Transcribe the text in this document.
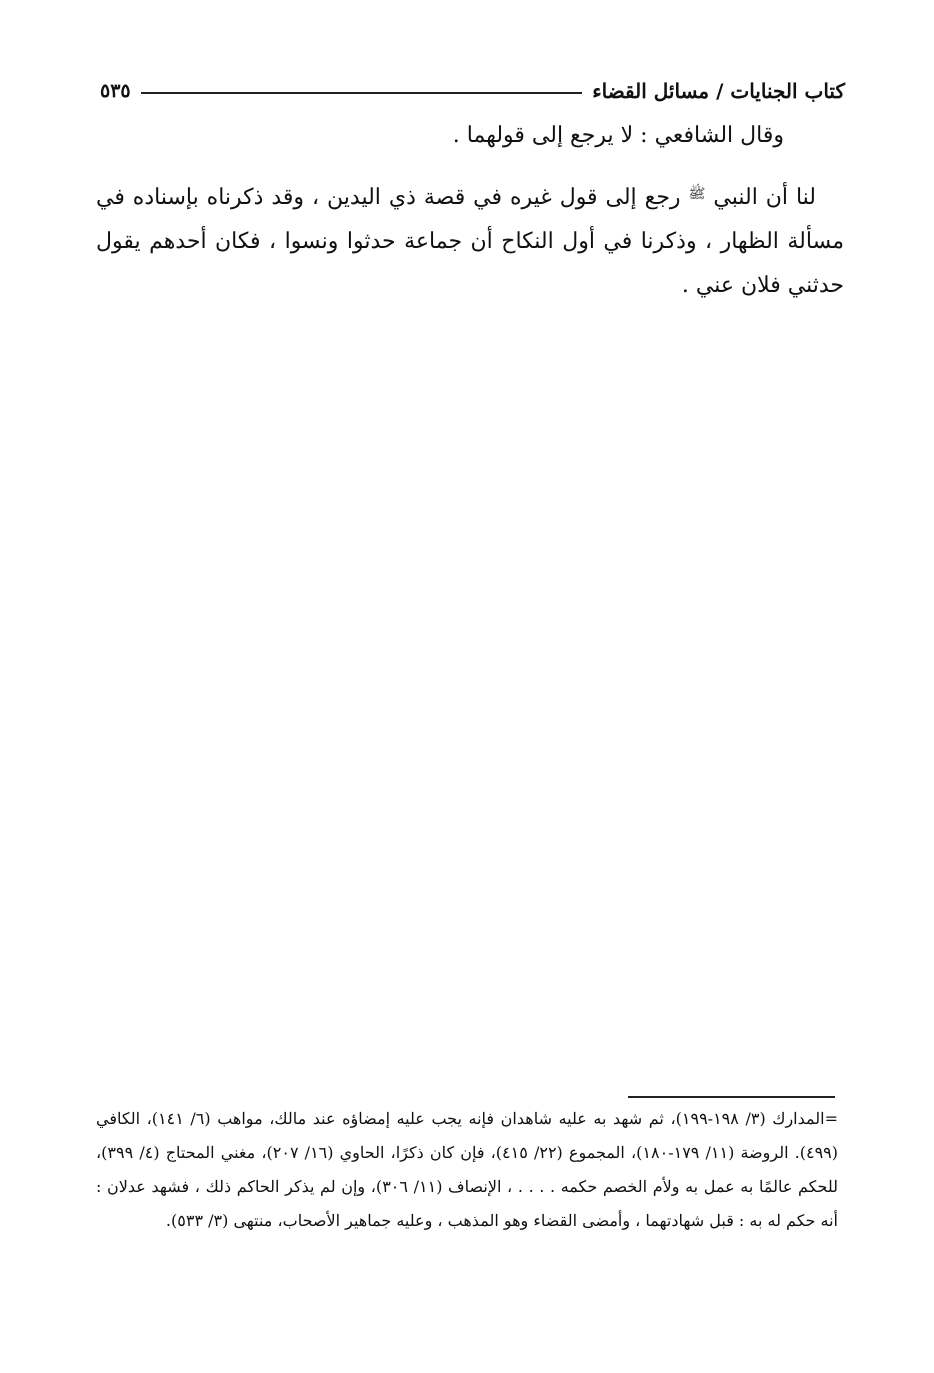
كتاب الجنايات / مسائل القضاء
٥٣٥

وقال الشافعي : لا يرجع إلى قولهما .

لنا أن النبي $^ﷺ$ رجع إلى قول غيره في قصة ذي اليدين ، وقد ذكرناه بإسناده في مسألة الظهار ، وذكرنا في أول النكاح أن جماعة حدثوا ونسوا ، فكان أحدهم يقول حدثني فلان عني .

=المدارك (٣/ ١٩٨-١٩٩)، ثم شهد به عليه شاهدان فإنه يجب عليه إمضاؤه عند مالك، مواهب (٦/ ١٤١)، الكافي (٤٩٩). الروضة (١١/ ١٧٩-١٨٠)، المجموع (٢٢/ ٤١٥)، فإن كان ذكرًا، الحاوي (١٦/ ٢٠٧)، مغني المحتاج (٤/ ٣٩٩)، للحكم عالمًا به عمل به ولأم الخصم حكمه . . . . ، الإنصاف (١١/ ٣٠٦)، وإن لم يذكر الحاكم ذلك ، فشهد عدلان : أنه حكم له به : قبل شهادتهما ، وأمضى القضاء وهو المذهب ، وعليه جماهير الأصحاب، منتهى (٣/ ٥٣٣).
